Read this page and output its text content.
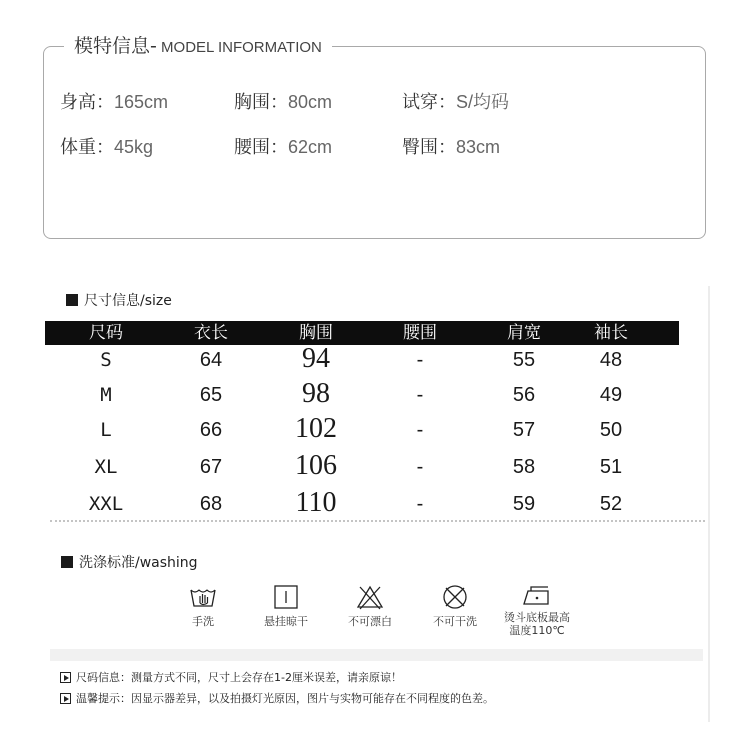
模特信息- MODEL INFORMATION
身高：165cm	胸围：80cm	试穿：S/均码
体重：45kg	腰围：62cm	臀围：83cm
尺寸信息/size
尺码	衣长	胸围	腰围	肩宽	袖长
S	64	94	-	55	48
M	65	98	-	56	49
L	66	102	-	57	50
XL	67	106	-	58	51
XXL	68	110	-	59	52
洗涤标准/washing
手洗	悬挂晾干	不可漂白	不可干洗 烫斗底板最高
温度110℃
尺码信息：测量方式不同，尺寸上会存在1-2厘米误差，请亲原谅！
温馨提示：因显示器差异，以及拍摄灯光原因，图片与实物可能存在不同程度的色差。
